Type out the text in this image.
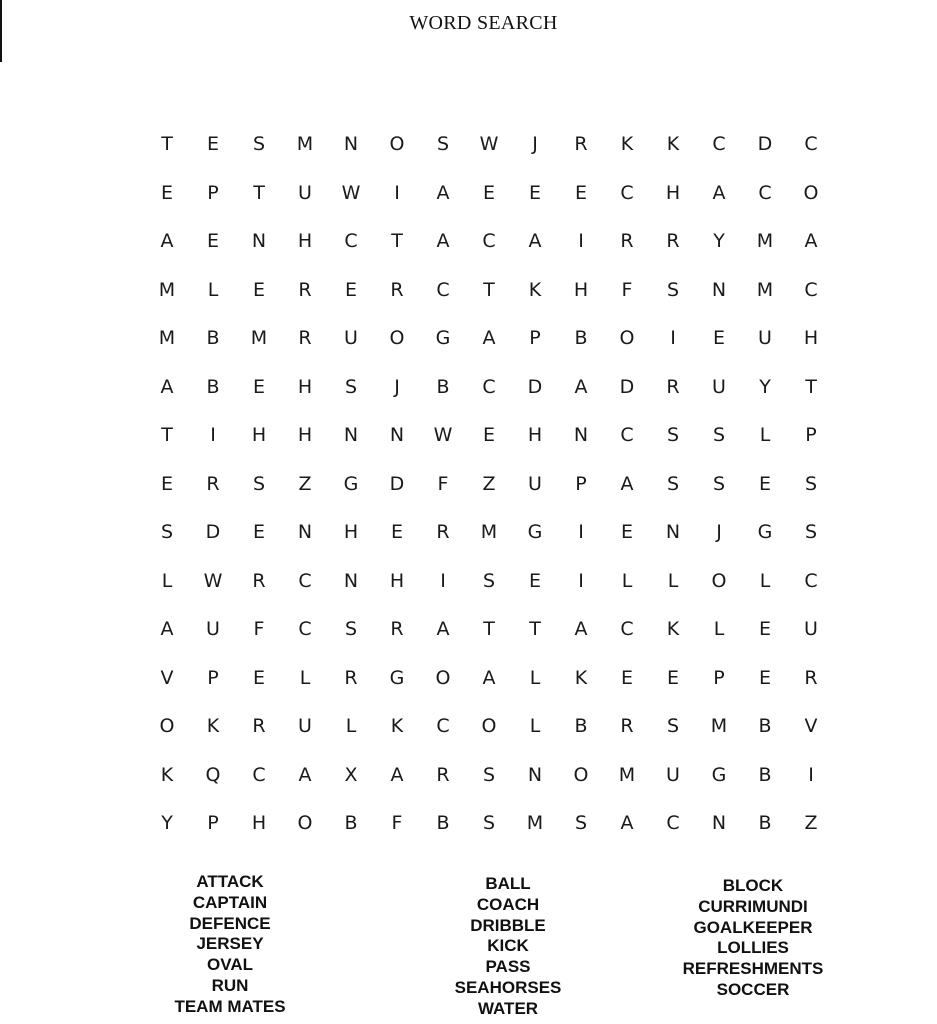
WORD SEARCH
T	E	S	M	N	O	S	W	J	R	K	K	C	D	C
E	P	T	U	W	I	A	E	E	E	C	H	A	C	O
A	E	N	H	C	T	A	C	A	I	R	R	Y	M	A
M	L	E	R	E	R	C	T	K	H	F	S	N	M	C
M	B	M	R	U	O	G	A	P	B	O	I	E	U	H
A	B	E	H	S	J	B	C	D	A	D	R	U	Y	T
T	I	H	H	N	N	W	E	H	N	C	S	S	L	P
E	R	S	Z	G	D	F	Z	U	P	A	S	S	E	S
S	D	E	N	H	E	R	M	G	I	E	N	J	G	S
L	W	R	C	N	H	I	S	E	I	L	L	O	L	C
A	U	F	C	S	R	A	T	T	A	C	K	L	E	U
V	P	E	L	R	G	O	A	L	K	E	E	P	E	R
O	K	R	U	L	K	C	O	L	B	R	S	M	B	V
K	Q	C	A	X	A	R	S	N	O	M	U	G	B	I
Y	P	H	O	B	F	B	S	M	S	A	C	N	B	Z
ATTACK
CAPTAIN
DEFENCE
JERSEY
OVAL
RUN
TEAM MATES
BALL
COACH
DRIBBLE
KICK
PASS
SEAHORSES
WATER
BLOCK
CURRIMUNDI
GOALKEEPER
LOLLIES
REFRESHMENTS
SOCCER
